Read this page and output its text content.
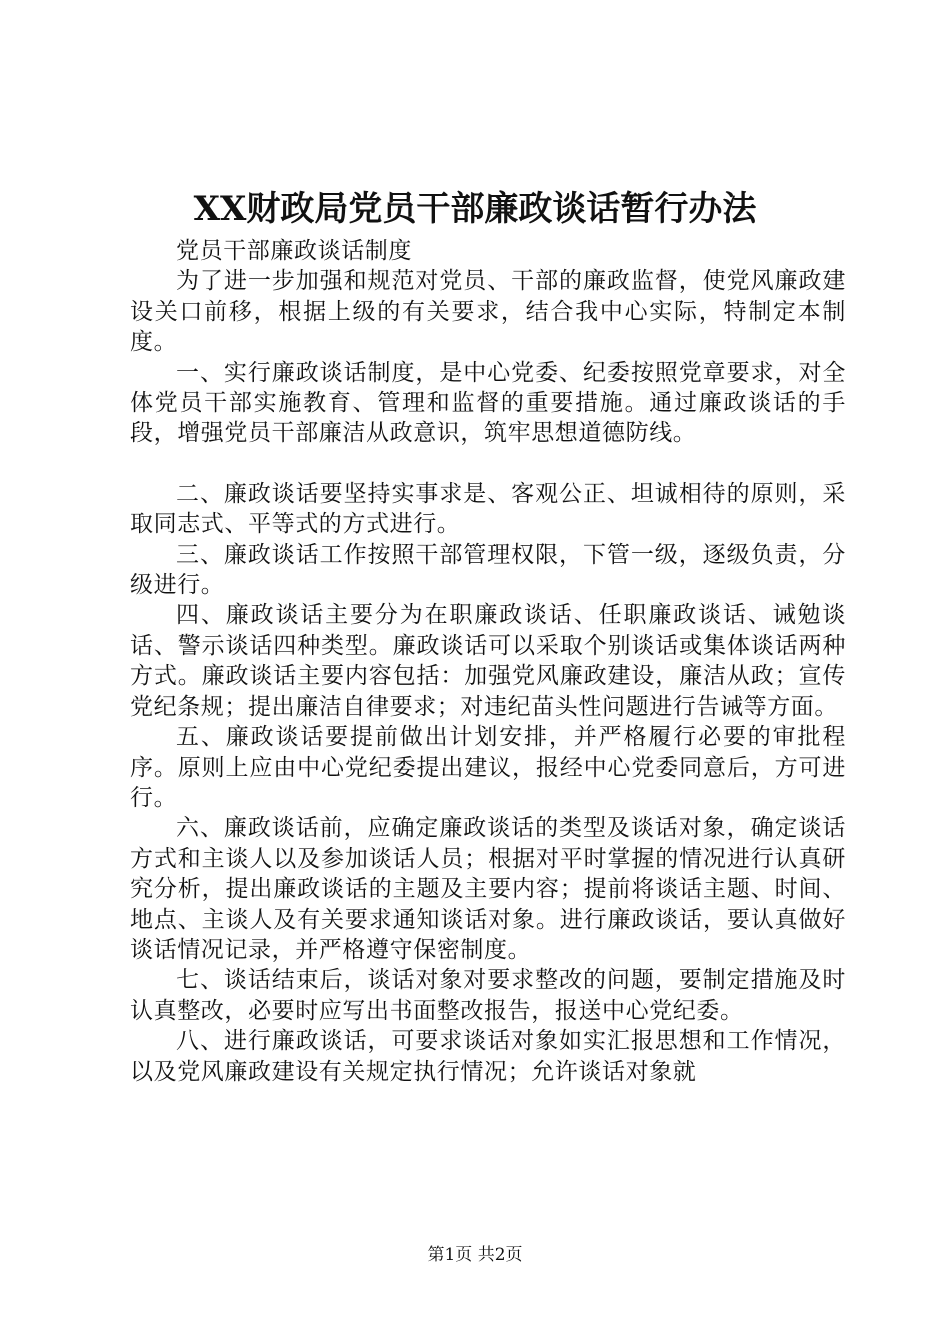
XX财政局党员干部廉政谈话暂行办法

党员干部廉政谈话制度

为了进一步加强和规范对党员、干部的廉政监督，使党风廉政建设关口前移，根据上级的有关要求，结合我中心实际，特制定本制度。

一、实行廉政谈话制度，是中心党委、纪委按照党章要求，对全体党员干部实施教育、管理和监督的重要措施。通过廉政谈话的手段，增强党员干部廉洁从政意识，筑牢思想道德防线。

二、廉政谈话要坚持实事求是、客观公正、坦诚相待的原则，采取同志式、平等式的方式进行。

三、廉政谈话工作按照干部管理权限，下管一级，逐级负责，分级进行。

四、廉政谈话主要分为在职廉政谈话、任职廉政谈话、诫勉谈话、警示谈话四种类型。廉政谈话可以采取个别谈话或集体谈话两种方式。廉政谈话主要内容包括：加强党风廉政建设，廉洁从政；宣传党纪条规；提出廉洁自律要求；对违纪苗头性问题进行告诫等方面。

五、廉政谈话要提前做出计划安排，并严格履行必要的审批程序。原则上应由中心党纪委提出建议，报经中心党委同意后，方可进行。

六、廉政谈话前，应确定廉政谈话的类型及谈话对象，确定谈话方式和主谈人以及参加谈话人员；根据对平时掌握的情况进行认真研究分析，提出廉政谈话的主题及主要内容；提前将谈话主题、时间、地点、主谈人及有关要求通知谈话对象。进行廉政谈话，要认真做好谈话情况记录，并严格遵守保密制度。

七、谈话结束后，谈话对象对要求整改的问题，要制定措施及时认真整改，必要时应写出书面整改报告，报送中心党纪委。

八、进行廉政谈话，可要求谈话对象如实汇报思想和工作情况，以及党风廉政建设有关规定执行情况；允许谈话对象就

第1页 共2页
